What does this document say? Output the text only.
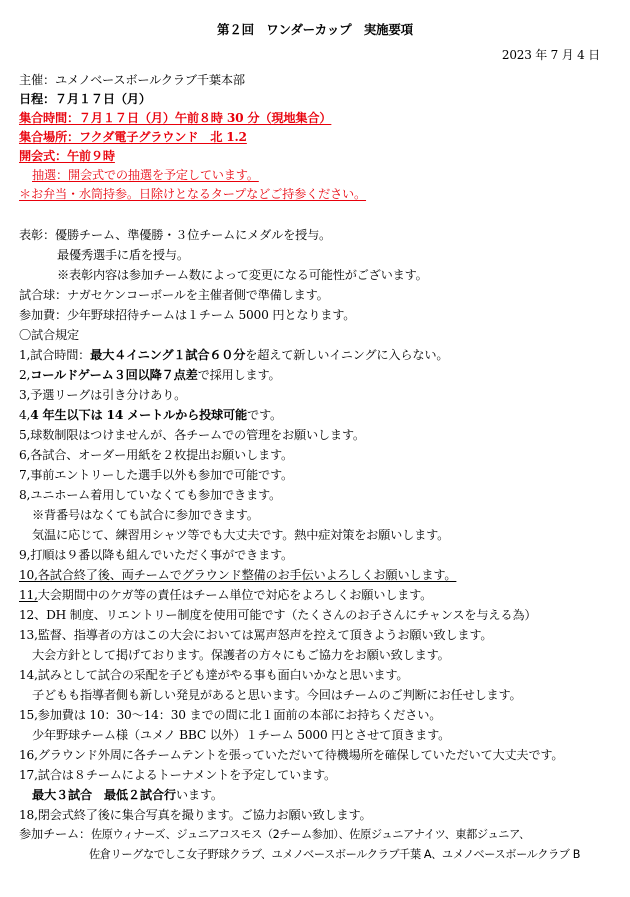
第２回　ワンダーカップ　実施要項
2023 年 7 月 4 日
主催：ユメノベースボールクラブ千葉本部
日程：７月１７日（月）
集合時間：７月１７日（月）午前８時 30 分（現地集合）
集合場所：フクダ電子グラウンド　北 1.2
開会式：午前９時
抽選：開会式での抽選を予定しています。
＊お弁当・水筒持参。日除けとなるタープなどご持参ください。
表彰：優勝チーム、準優勝・３位チームにメダルを授与。
最優秀選手に盾を授与。
※表彰内容は参加チーム数によって変更になる可能性がございます。
試合球：ナガセケンコーボールを主催者側で準備します。
参加費：少年野球招待チームは１チーム 5000 円となります。
〇試合規定
1,試合時間：最大４イニング１試合６０分を超えて新しいイニングに入らない。
2,コールドゲーム３回以降７点差で採用します。
3,予選リーグは引き分けあり。
4,4 年生以下は 14 メートルから投球可能です。
5,球数制限はつけませんが、各チームでの管理をお願いします。
6,各試合、オーダー用紙を２枚提出お願いします。
7,事前エントリーした選手以外も参加で可能です。
8,ユニホーム着用していなくても参加できます。
※背番号はなくても試合に参加できます。
気温に応じて、練習用シャツ等でも大丈夫です。熱中症対策をお願いします。
9,打順は９番以降も組んでいただく事ができます。
10,各試合終了後、両チームでグラウンド整備のお手伝いよろしくお願いします。
11,大会期間中のケガ等の責任はチーム単位で対応をよろしくお願いします。
12、DH 制度、リエントリー制度を使用可能です（たくさんのお子さんにチャンスを与える為）
13,監督、指導者の方はこの大会においては罵声怒声を控えて頂きようお願い致します。
大会方針として掲げております。保護者の方々にもご協力をお願い致します。
14,試みとして試合の采配を子ども達がやる事も面白いかなと思います。
子どもも指導者側も新しい発見があると思います。今回はチームのご判断にお任せします。
15,参加費は 10：30～14：30 までの間に北１面前の本部にお持ちください。
少年野球チーム様（ユメノ BBC 以外）１チーム 5000 円とさせて頂きます。
16,グラウンド外周に各チームテントを張っていただいて待機場所を確保していただいて大丈夫です。
17,試合は８チームによるトーナメントを予定しています。
最大３試合　最低２試合行います。
18,閉会式終了後に集合写真を撮ります。ご協力お願い致します。
参加チーム：佐原ウィナーズ、ジュニアコスモス（2チーム参加）、佐原ジュニアナイツ、東都ジュニア、
佐倉リーグなでしこ女子野球クラブ、ユメノベースボールクラブ千葉 A、ユメノベースボールクラブ B
